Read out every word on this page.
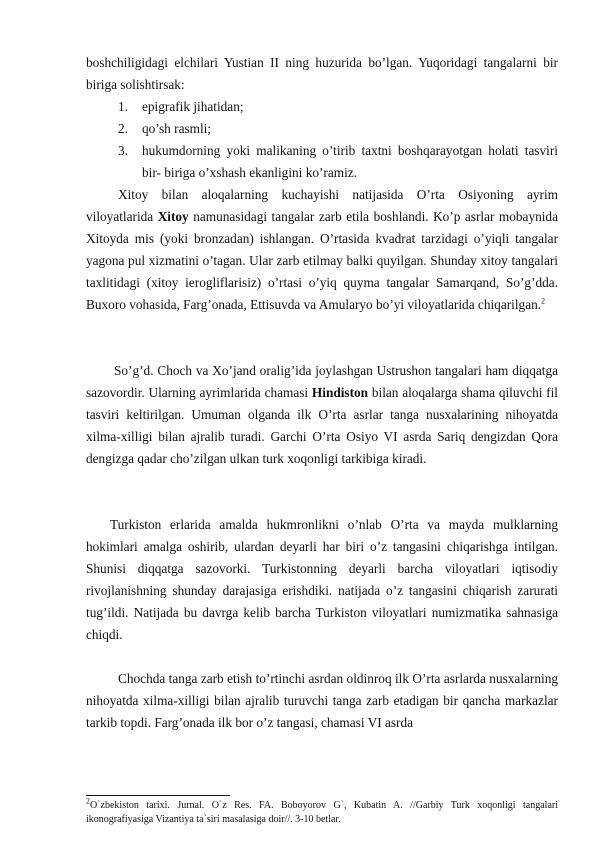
boshchiligidagi elchilari Yustian II ning huzurida bo’lgan. Yuqoridagi tangalarni bir biriga solishtirsak:

1. epigrafik jihatidan;
2. qo’sh rasmli;
3. hukumdorning yoki malikaning o’tirib taxtni boshqarayotgan holati tasviri bir- biriga o’xshash ekanligini ko’ramiz.

Xitoy bilan aloqalarning kuchayishi natijasida O’rta Osiyoning ayrim viloyatlarida Xitoy namunasidagi tangalar zarb etila boshlandi. Ko’p asrlar mobaynida Xitoyda mis (yoki bronzadan) ishlangan. O’rtasida kvadrat tarzidagi o’yiqli tangalar yagona pul xizmatini o’tagan. Ular zarb etilmay balki quyilgan. Shunday xitoy tangalari taxlitidagi (xitoy ierogliflarisiz) o’rtasi o’yiq quyma tangalar Samarqand, So’g’dda. Buxoro vohasida, Farg’onada, Ettisuvda va Amularyo bo’yi viloyatlarida chiqarilgan.$^2$

So’g’d. Choch va Xo’jand oralig’ida joylashgan Ustrushon tangalari ham diqqatga sazovordir. Ularning ayrimlarida chamasi Hindiston bilan aloqalarga shama qiluvchi fil tasviri keltirilgan. Umuman olganda ilk O’rta asrlar tanga nusxalarining nihoyatda xilma-xilligi bilan ajralib turadi. Garchi O’rta Osiyo VI asrda Sariq dengizdan Qora dengizga qadar cho’zilgan ulkan turk xoqonligi tarkibiga kiradi.

Turkiston erlarida amalda hukmronlikni o’nlab O’rta va mayda mulklarning hokimlari amalga oshirib, ulardan deyarli har biri o’z tangasini chiqarishga intilgan. Shunisi diqqatga sazovorki. Turkistonning deyarli barcha viloyatlari iqtisodiy rivojlanishning shunday darajasiga erishdiki. natijada o’z tangasini chiqarish zarurati tug’ildi. Natijada bu davrga kelib barcha Turkiston viloyatlari numizmatika sahnasiga chiqdi.

Chochda tanga zarb etish to’rtinchi asrdan oldinroq ilk O’rta asrlarda nusxalarning nihoyatda xilma-xilligi bilan ajralib turuvchi tanga zarb etadigan bir qancha markazlar tarkib topdi. Farg’onada ilk bor o’z tangasi, chamasi VI asrda

$^2$O`zbekiston tarixi. Jurnal. O`z Res. FA. Boboyorov G`, Kubatin A. //Garbiy Turk xoqonligi tangalari ikonografiyasiga Vizantiya ta`siri masalasiga doir//. 3-10 betlar.
